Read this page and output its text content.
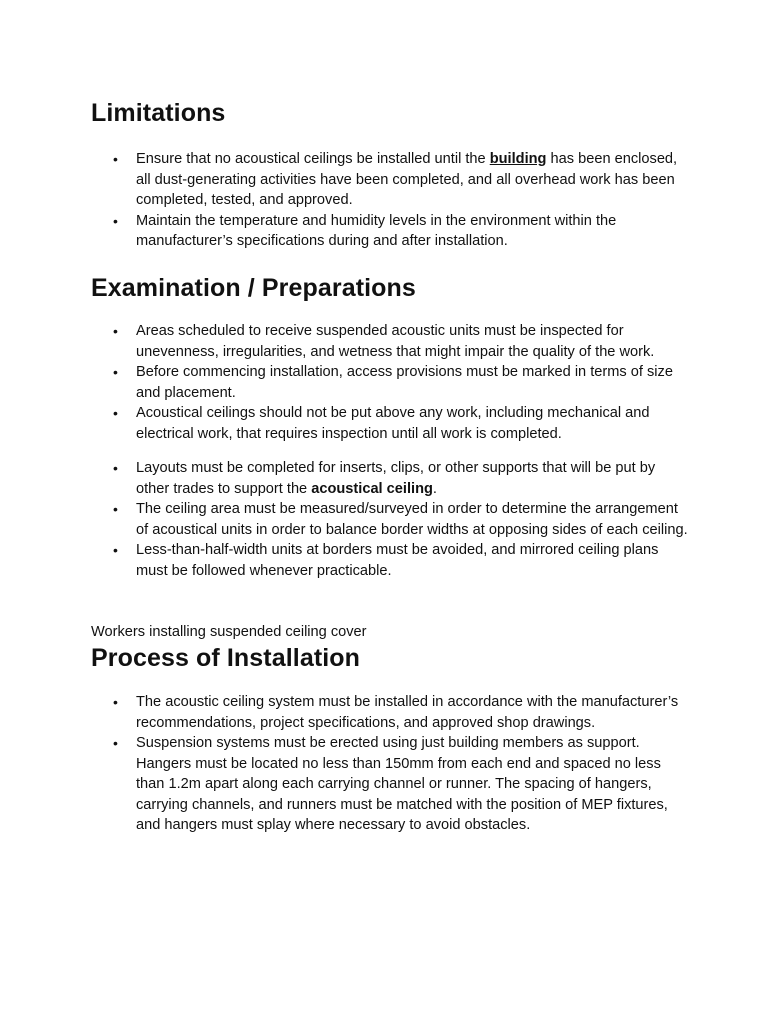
Limitations
• Ensure that no acoustical ceilings be installed until the building has been enclosed, all dust-generating activities have been completed, and all overhead work has been completed, tested, and approved.
• Maintain the temperature and humidity levels in the environment within the manufacturer’s specifications during and after installation.
Examination / Preparations
• Areas scheduled to receive suspended acoustic units must be inspected for unevenness, irregularities, and wetness that might impair the quality of the work.
• Before commencing installation, access provisions must be marked in terms of size and placement.
• Acoustical ceilings should not be put above any work, including mechanical and electrical work, that requires inspection until all work is completed.
• Layouts must be completed for inserts, clips, or other supports that will be put by other trades to support the acoustical ceiling.
• The ceiling area must be measured/surveyed in order to determine the arrangement of acoustical units in order to balance border widths at opposing sides of each ceiling.
• Less-than-half-width units at borders must be avoided, and mirrored ceiling plans must be followed whenever practicable.

Workers installing suspended ceiling cover

Process of Installation
• The acoustic ceiling system must be installed in accordance with the manufacturer’s recommendations, project specifications, and approved shop drawings.
• Suspension systems must be erected using just building members as support. Hangers must be located no less than 150mm from each end and spaced no less than 1.2m apart along each carrying channel or runner. The spacing of hangers, carrying channels, and runners must be matched with the position of MEP fixtures, and hangers must splay where necessary to avoid obstacles.
